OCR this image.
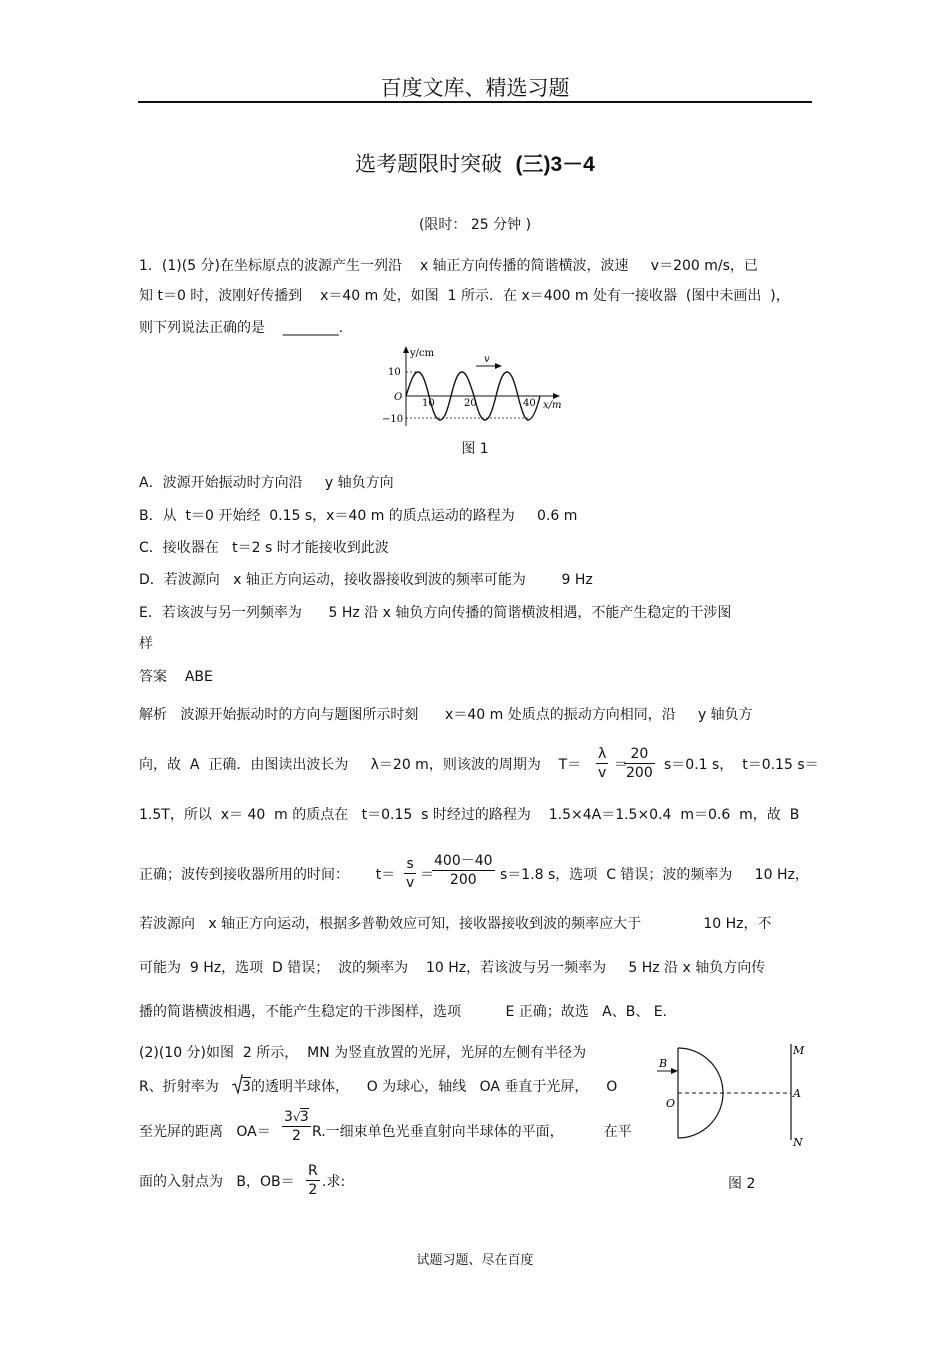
百度文库、精选习题
选考题限时突破 (三)3－4
(限时： 25 分钟 )
1．(1)(5 分)在坐标原点的波源产生一列沿    x 轴正方向传播的简谐横波，波速     v＝200 m/s，已
知 t＝0 时，波刚好传播到    x＝40 m 处，如图  1 所示．在 x＝400 m 处有一接收器  (图中未画出  )，
则下列说法正确的是    ________.
v
y/cm
x/m
O
10
−10
10	20	40
图 1
A．波源开始振动时方向沿     y 轴负方向
B．从  t＝0 开始经  0.15 s，x＝40 m 的质点运动的路程为     0.6 m
C．接收器在   t＝2 s 时才能接收到此波
D．若波源向   x 轴正方向运动，接收器接收到波的频率可能为        9 Hz
E．若该波与另一列频率为      5 Hz 沿 x 轴负方向传播的简谐横波相遇，不能产生稳定的干涉图
样
答案 ABE
解析   波源开始振动时的方向与题图所示时刻      x＝40 m 处质点的振动方向相同，沿     y 轴负方
向，故  A  正确．由图读出波长为     λ＝20 m，则该波的周期为    $T= \frac{\lambda}{v}$ ＝
$\frac{20}{200} s=0.1$ s，  t＝0.15 s＝
1.5T，所以  x＝ 40  m 的质点在   t＝0.15  s 时经过的路程为    1.5×4A＝1.5×0.4  m＝0.6  m，故  B
正确；波传到接收器所用的时间：      $t= \frac{s}{v}$ ＝
$\frac{400-40}{200} s=1.8$ s，选项  C 错误；波的频率为     10 Hz，
若波源向   x 轴正方向运动，根据多普勒效应可知，接收器接收到波的频率应大于              10 Hz，不
可能为  9 Hz，选项  D 错误；  波的频率为    10 Hz，若该波与另一频率为     5 Hz 沿 x 轴负方向传
播的简谐横波相遇，不能产生稳定的干涉图样，选项          E 正确；故选   A、B、 E.
(2)(10 分)如图  2 所示，  MN 为竖直放置的光屏，光屏的左侧有半径为
R、折射率为 3 的透明半球体，    O 为球心，轴线   OA 垂直于光屏，    O
至光屏的距离   $OA= \frac{3√3}{2} R$.一细束单色光垂直射向半球体的平面，         在平
面的入射点为   B，$OB= \frac{R}{2}$ .求:
B
O
M
A
N
图 2
试题习题、尽在百度
